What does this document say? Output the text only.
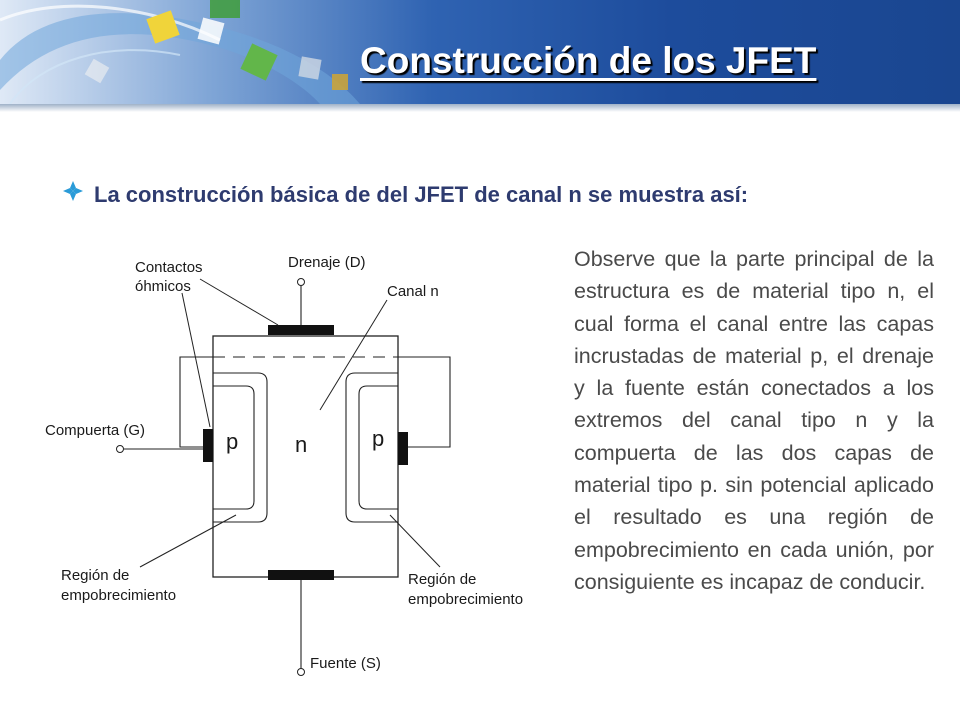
Construcción de los JFET

La construcción básica de del JFET de canal n se muestra así:

Drenaje (D)
Canal n
Contactos
óhmicos
Compuerta (G)	p	n	p
Región de
empobrecimiento
Región de
empobrecimiento
Fuente (S)

Observe que la parte principal de la estructura es de material tipo n, el cual forma el canal entre las capas incrustadas de material p, el drenaje y la fuente están conectados a los extremos del canal tipo n y la compuerta de las dos capas de material tipo p. sin potencial aplicado el resultado es una región de empobrecimiento en cada unión, por consiguiente es incapaz de conducir.
